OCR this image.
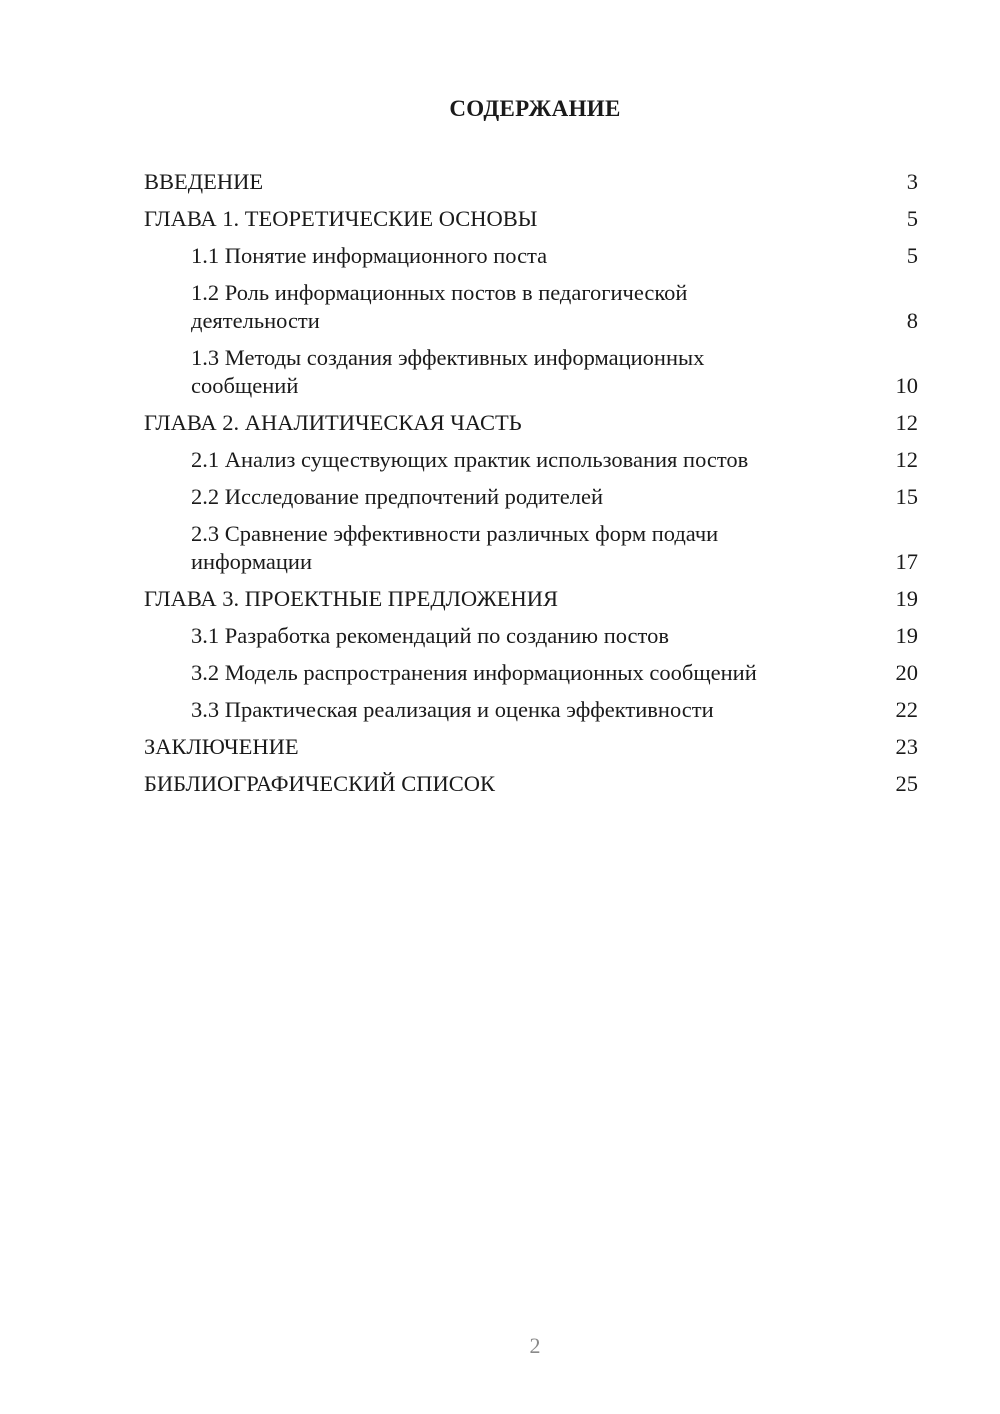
СОДЕРЖАНИЕ
ВВЕДЕНИЕ	3
ГЛАВА 1. ТЕОРЕТИЧЕСКИЕ ОСНОВЫ	5
1.1 Понятие информационного поста	5
1.2 Роль информационных постов в педагогической деятельности	8
1.3 Методы создания эффективных информационных сообщений	10
ГЛАВА 2. АНАЛИТИЧЕСКАЯ ЧАСТЬ	12
2.1 Анализ существующих практик использования постов	12
2.2 Исследование предпочтений родителей	15
2.3 Сравнение эффективности различных форм подачи информации	17
ГЛАВА 3. ПРОЕКТНЫЕ ПРЕДЛОЖЕНИЯ	19
3.1 Разработка рекомендаций по созданию постов	19
3.2 Модель распространения информационных сообщений	20
3.3 Практическая реализация и оценка эффективности	22
ЗАКЛЮЧЕНИЕ	23
БИБЛИОГРАФИЧЕСКИЙ СПИСОК	25
2
